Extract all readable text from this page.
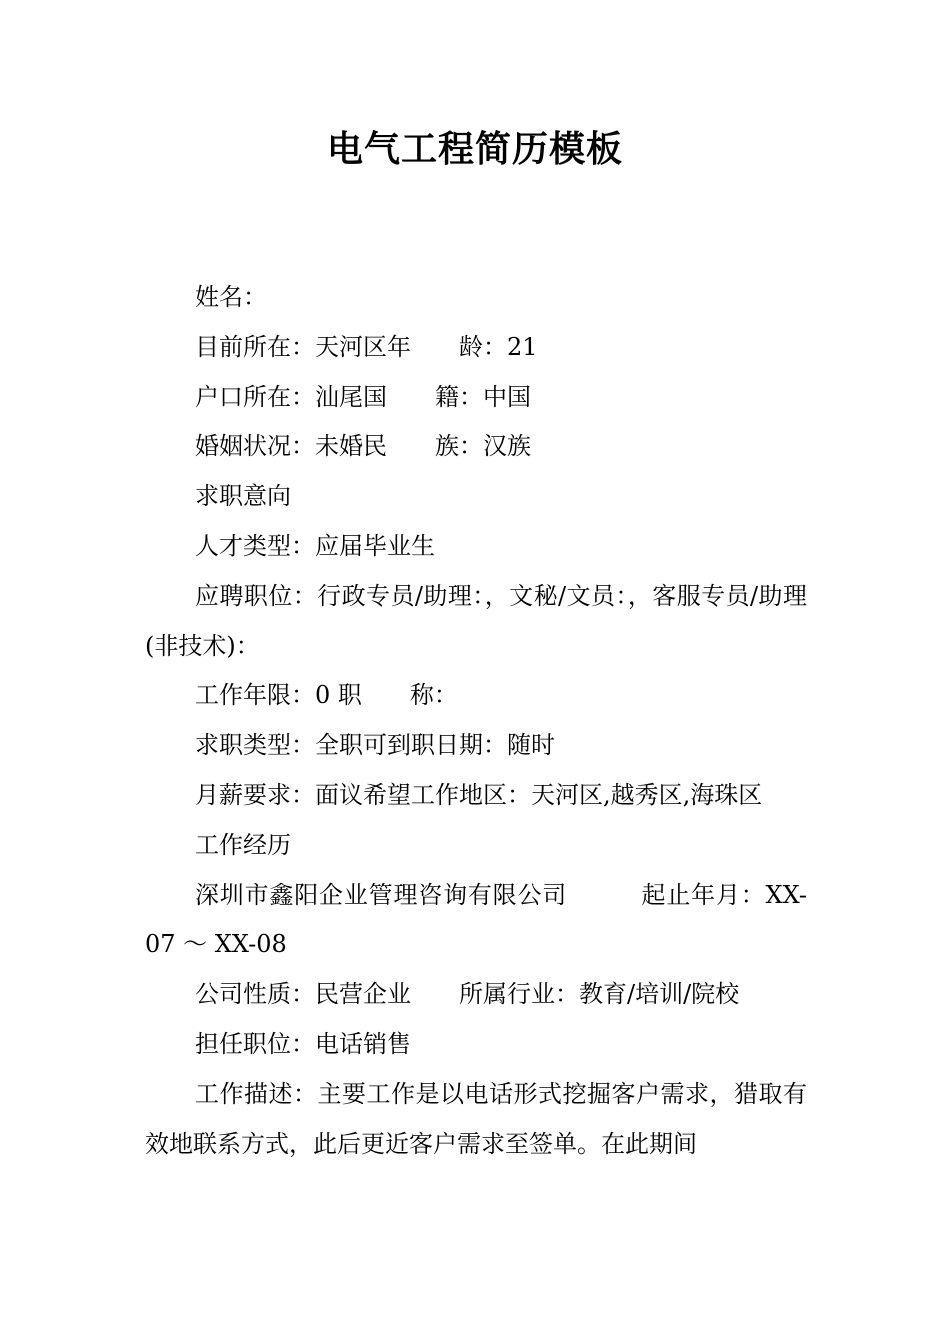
电气工程简历模板

姓名：

目前所在：天河区年　　龄：21

户口所在：汕尾国　　籍：中国

婚姻状况：未婚民　　族：汉族

求职意向

人才类型：应届毕业生

应聘职位：行政专员/助理：，文秘/文员：，客服专员/助理(非技术)：

工作年限：0 职　　称：

求职类型：全职可到职日期：随时

月薪要求：面议希望工作地区：天河区,越秀区,海珠区

工作经历

深圳市鑫阳企业管理咨询有限公司　　　起止年月：XX-07 ～ XX-08

公司性质：民营企业　　所属行业：教育/培训/院校

担任职位：电话销售

工作描述：主要工作是以电话形式挖掘客户需求，猎取有效地联系方式，此后更近客户需求至签单。在此期间
